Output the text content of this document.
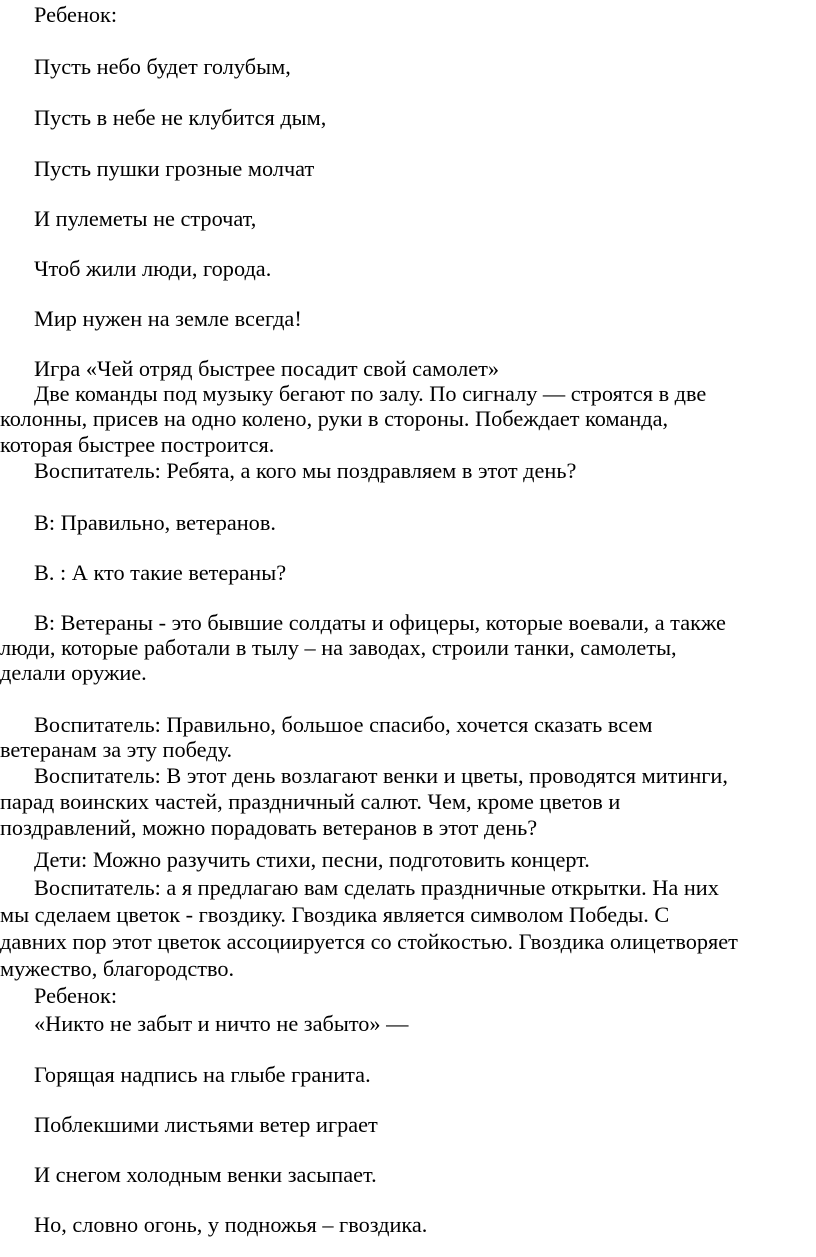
Ребенок:
Пусть небо будет голубым,
Пусть в небе не клубится дым,
Пусть пушки грозные молчат
И пулеметы не строчат,
Чтоб жили люди, города.
Мир нужен на земле всегда!
Игра «Чей отряд быстрее посадит свой самолет»
Две команды под музыку бегают по залу. По сигналу — строятся в две
колонны, присев на одно колено, руки в стороны. Побеждает команда,
которая быстрее построится.
Воспитатель: Ребята, а кого мы поздравляем в этот день?
В: Правильно, ветеранов.
В. : А кто такие ветераны?
В: Ветераны - это бывшие солдаты и офицеры, которые воевали, а также
люди, которые работали в тылу – на заводах, строили танки, самолеты,
делали оружие.
Воспитатель: Правильно, большое спасибо, хочется сказать всем
ветеранам за эту победу.
Воспитатель: В этот день возлагают венки и цветы, проводятся митинги,
парад воинских частей, праздничный салют. Чем, кроме цветов и
поздравлений, можно порадовать ветеранов в этот день?
Дети: Можно разучить стихи, песни, подготовить концерт.
Воспитатель: а я предлагаю вам сделать праздничные открытки. На них
мы сделаем цветок - гвоздику. Гвоздика является символом Победы. С
давних пор этот цветок ассоциируется со стойкостью. Гвоздика олицетворяет
мужество, благородство.
Ребенок:
«Никто не забыт и ничто не забыто» —
Горящая надпись на глыбе гранита.
Поблекшими листьями ветер играет
И снегом холодным венки засыпает.
Но, словно огонь, у подножья – гвоздика.
